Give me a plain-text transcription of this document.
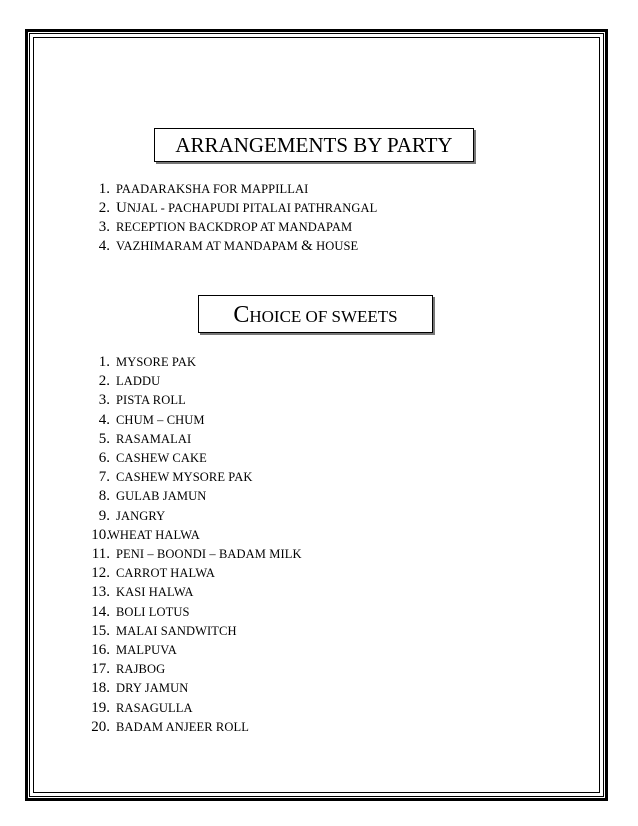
ARRANGEMENTS BY PARTY
1. PAADARAKSHA FOR MAPPILLAI
2. UNJAL - PACHAPUDI PITALAI PATHRANGAL
3. RECEPTION BACKDROP AT MANDAPAM
4. VAZHIMARAM AT MANDAPAM & HOUSE
CHOICE OF SWEETS
1. MYSORE PAK
2. LADDU
3. PISTA ROLL
4. CHUM – CHUM
5. RASAMALAI
6. CASHEW CAKE
7. CASHEW MYSORE PAK
8. GULAB JAMUN
9. JANGRY
10.
WHEAT HALWA
11. PENI – BOONDI – BADAM MILK
12. CARROT HALWA
13. KASI HALWA
14. BOLI LOTUS
15. MALAI SANDWITCH
16. MALPUVA
17. RAJBOG
18. DRY JAMUN
19. RASAGULLA
20. BADAM ANJEER ROLL
